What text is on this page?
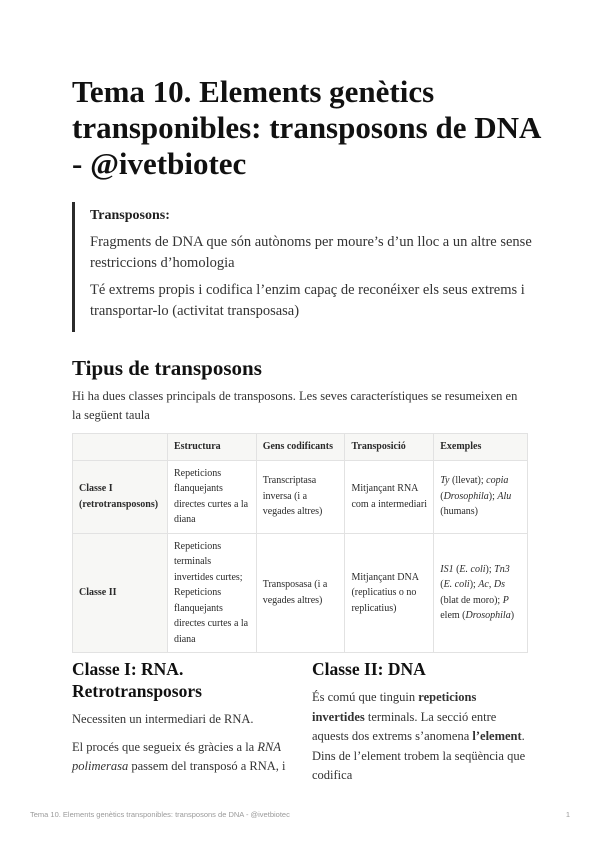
Tema 10. Elements genètics transponibles: transposons de DNA - @ivetbiotec
Transposons:

Fragments de DNA que són autònoms per moure’s d’un lloc a un altre sense restriccions d’homologia

Té extrems propis i codifica l’enzim capaç de reconéixer els seus extrems i transportar-lo (activitat transposasa)

Tipus de transposons

Hi ha dues classes principals de transposons. Les seves característiques se resumeixen en la següent taula

	Estructura	Gens codificants	Transposició	Exemples
Classe I (retrotransposons)	Repeticions flanquejants directes curtes a la diana	Transcriptasa inversa (i a vegades altres)	Mitjançant RNA com a intermediari	Ty (llevat); copia (Drosophila); Alu (humans)
Classe II	Repeticions terminals invertides curtes; Repeticions flanquejants directes curtes a la diana	Transposasa (i a vegades altres)	Mitjançant DNA (replicatius o no replicatius)	IS1 (E. coli); Tn3 (E. coli); Ac, Ds (blat de moro); P elem (Drosophila)
Classe I: RNA. Retrotransposors

Necessiten un intermediari de RNA.

El procés que segueix és gràcies a la RNA polimerasa passem del transposó a RNA, i

Classe II: DNA

És comú que tinguin repeticions invertides terminals. La secció entre aquests dos extrems s’anomena l’element. Dins de l’element trobem la seqüència que codifica

Tema 10. Elements genètics transponibles: transposons de DNA - @ivetbiotec	1
